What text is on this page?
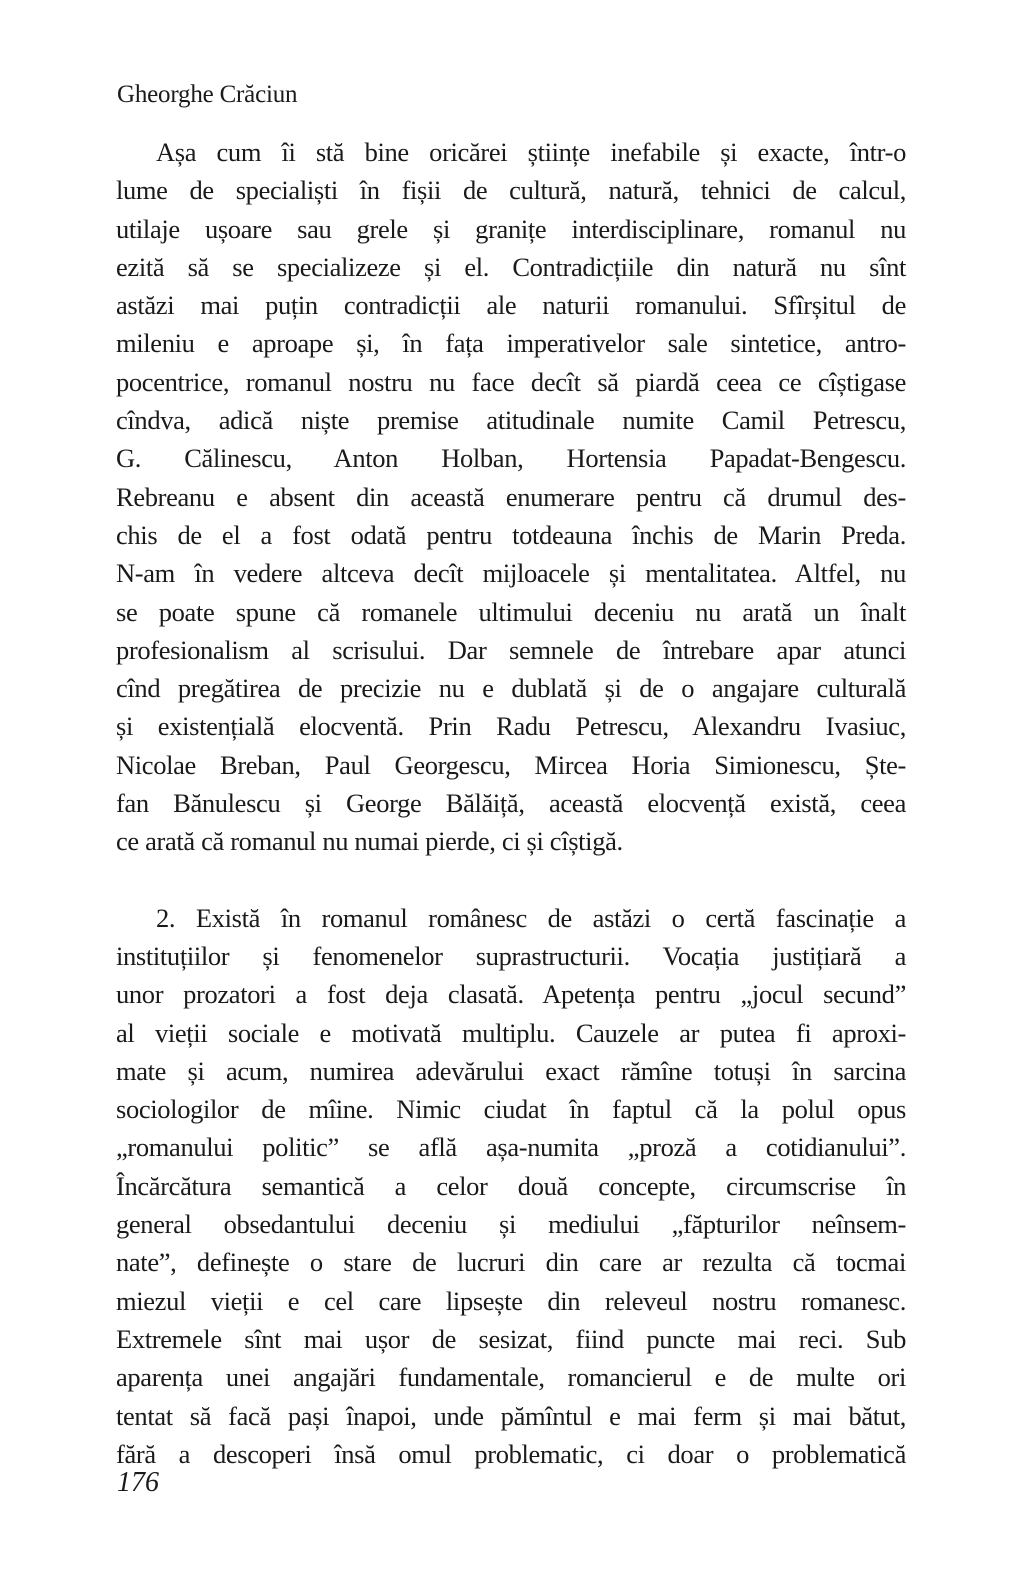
Gheorghe Crăciun
Așa cum îi stă bine oricărei științe inefabile și exacte, într-o
lume de specialiști în fișii de cultură, natură, tehnici de calcul,
utilaje ușoare sau grele și granițe interdisciplinare, romanul nu
ezită să se specializeze și el. Contradicțiile din natură nu sînt
astăzi mai puțin contradicții ale naturii romanului. Sfîrșitul de
mileniu e aproape și, în fața imperativelor sale sintetice, antro-
pocentrice, romanul nostru nu face decît să piardă ceea ce cîștigase
cîndva, adică niște premise atitudinale numite Camil Petrescu,
G. Călinescu, Anton Holban, Hortensia Papadat-Bengescu.
Rebreanu e absent din această enumerare pentru că drumul des-
chis de el a fost odată pentru totdeauna închis de Marin Preda.
N-am în vedere altceva decît mijloacele și mentalitatea. Altfel, nu
se poate spune că romanele ultimului deceniu nu arată un înalt
profesionalism al scrisului. Dar semnele de întrebare apar atunci
cînd pregătirea de precizie nu e dublată și de o angajare culturală
și existențială elocventă. Prin Radu Petrescu, Alexandru Ivasiuc,
Nicolae Breban, Paul Georgescu, Mircea Horia Simionescu, Ște-
fan Bănulescu și George Bălăiță, această elocvență există, ceea
ce arată că romanul nu numai pierde, ci și cîștigă.
2. Există în romanul românesc de astăzi o certă fascinație a
instituțiilor și fenomenelor suprastructurii. Vocația justițiară a
unor prozatori a fost deja clasată. Apetența pentru „jocul secund”
al vieții sociale e motivată multiplu. Cauzele ar putea fi aproxi-
mate și acum, numirea adevărului exact rămîne totuși în sarcina
sociologilor de mîine. Nimic ciudat în faptul că la polul opus
„romanului politic” se află așa-numita „proză a cotidianului”.
Încărcătura semantică a celor două concepte, circumscrise în
general obsedantului deceniu și mediului „făpturilor neînsem-
nate”, definește o stare de lucruri din care ar rezulta că tocmai
miezul vieții e cel care lipsește din releveul nostru romanesc.
Extremele sînt mai ușor de sesizat, fiind puncte mai reci. Sub
aparența unei angajări fundamentale, romancierul e de multe ori
tentat să facă pași înapoi, unde pămîntul e mai ferm și mai bătut,
fără a descoperi însă omul problematic, ci doar o problematică
176
